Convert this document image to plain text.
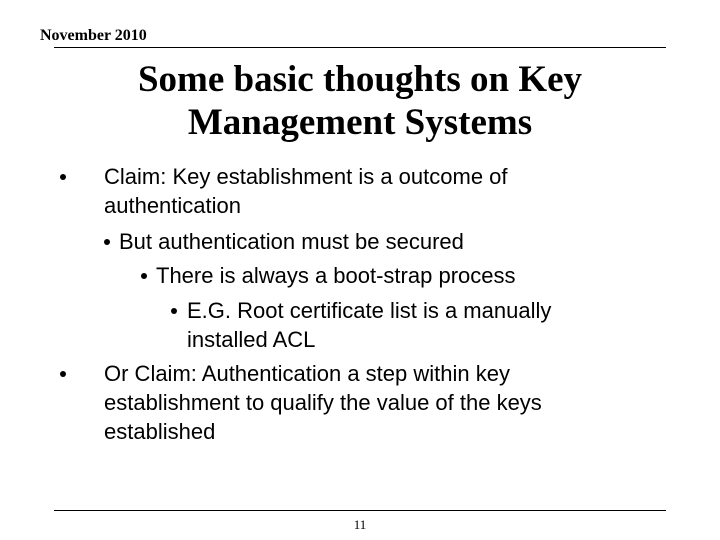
November 2010
Some basic thoughts on Key
Management Systems
Claim: Key establishment is a outcome of
authentication
But authentication must be secured
There is always a boot-strap process
E.G. Root certificate list is a manually
installed ACL
Or Claim: Authentication a step within key
establishment to qualify the value of the keys
established
11
